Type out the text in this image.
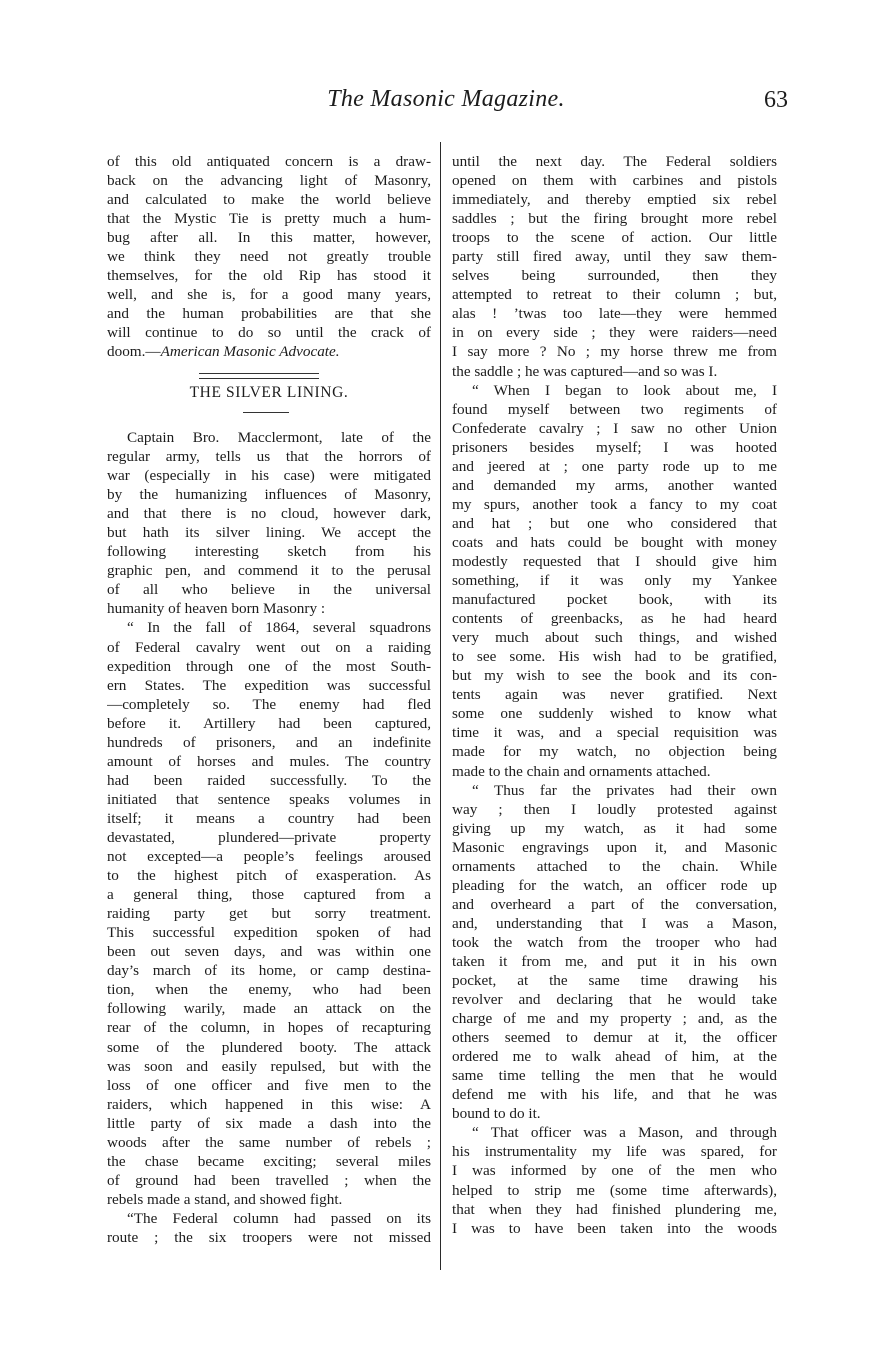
The Masonic Magazine.	63
of this old antiquated concern is a draw-
back on the advancing light of Masonry,
and calculated to make the world believe
that the Mystic Tie is pretty much a hum-
bug after all. In this matter, however,
we think they need not greatly trouble
themselves, for the old Rip has stood it
well, and she is, for a good many years,
and the human probabilities are that she
will continue to do so until the crack of
doom.—American Masonic Advocate.
THE SILVER LINING.
Captain Bro. Macclermont, late of the
regular army, tells us that the horrors of
war (especially in his case) were mitigated
by the humanizing influences of Masonry,
and that there is no cloud, however dark,
but hath its silver lining. We accept the
following interesting sketch from his
graphic pen, and commend it to the perusal
of all who believe in the universal
humanity of heaven born Masonry :
“ In the fall of 1864, several squadrons
of Federal cavalry went out on a raiding
expedition through one of the most South-
ern States. The expedition was successful
—completely so. The enemy had fled
before it. Artillery had been captured,
hundreds of prisoners, and an indefinite
amount of horses and mules. The country
had been raided successfully. To the
initiated that sentence speaks volumes in
itself; it means a country had been
devastated, plundered—private property
not excepted—a people’s feelings aroused
to the highest pitch of exasperation. As
a general thing, those captured from a
raiding party get but sorry treatment.
This successful expedition spoken of had
been out seven days, and was within one
day’s march of its home, or camp destina-
tion, when the enemy, who had been
following warily, made an attack on the
rear of the column, in hopes of recapturing
some of the plundered booty. The attack
was soon and easily repulsed, but with the
loss of one officer and five men to the
raiders, which happened in this wise: A
little party of six made a dash into the
woods after the same number of rebels ;
the chase became exciting; several miles
of ground had been travelled ; when the
rebels made a stand, and showed fight.
“The Federal column had passed on its
route ; the six troopers were not missed
until the next day. The Federal soldiers
opened on them with carbines and pistols
immediately, and thereby emptied six rebel
saddles ; but the firing brought more rebel
troops to the scene of action. Our little
party still fired away, until they saw them-
selves being surrounded, then they
attempted to retreat to their column ; but,
alas ! ’twas too late—they were hemmed
in on every side ; they were raiders—need
I say more ? No ; my horse threw me from
the saddle ; he was captured—and so was I.
“ When I began to look about me, I
found myself between two regiments of
Confederate cavalry ; I saw no other Union
prisoners besides myself; I was hooted
and jeered at ; one party rode up to me
and demanded my arms, another wanted
my spurs, another took a fancy to my coat
and hat ; but one who considered that
coats and hats could be bought with money
modestly requested that I should give him
something, if it was only my Yankee
manufactured pocket book, with its
contents of greenbacks, as he had heard
very much about such things, and wished
to see some. His wish had to be gratified,
but my wish to see the book and its con-
tents again was never gratified. Next
some one suddenly wished to know what
time it was, and a special requisition was
made for my watch, no objection being
made to the chain and ornaments attached.
“ Thus far the privates had their own
way ; then I loudly protested against
giving up my watch, as it had some
Masonic engravings upon it, and Masonic
ornaments attached to the chain. While
pleading for the watch, an officer rode up
and overheard a part of the conversation,
and, understanding that I was a Mason,
took the watch from the trooper who had
taken it from me, and put it in his own
pocket, at the same time drawing his
revolver and declaring that he would take
charge of me and my property ; and, as the
others seemed to demur at it, the officer
ordered me to walk ahead of him, at the
same time telling the men that he would
defend me with his life, and that he was
bound to do it.
“ That officer was a Mason, and through
his instrumentality my life was spared, for
I was informed by one of the men who
helped to strip me (some time afterwards),
that when they had finished plundering me,
I was to have been taken into the woods
